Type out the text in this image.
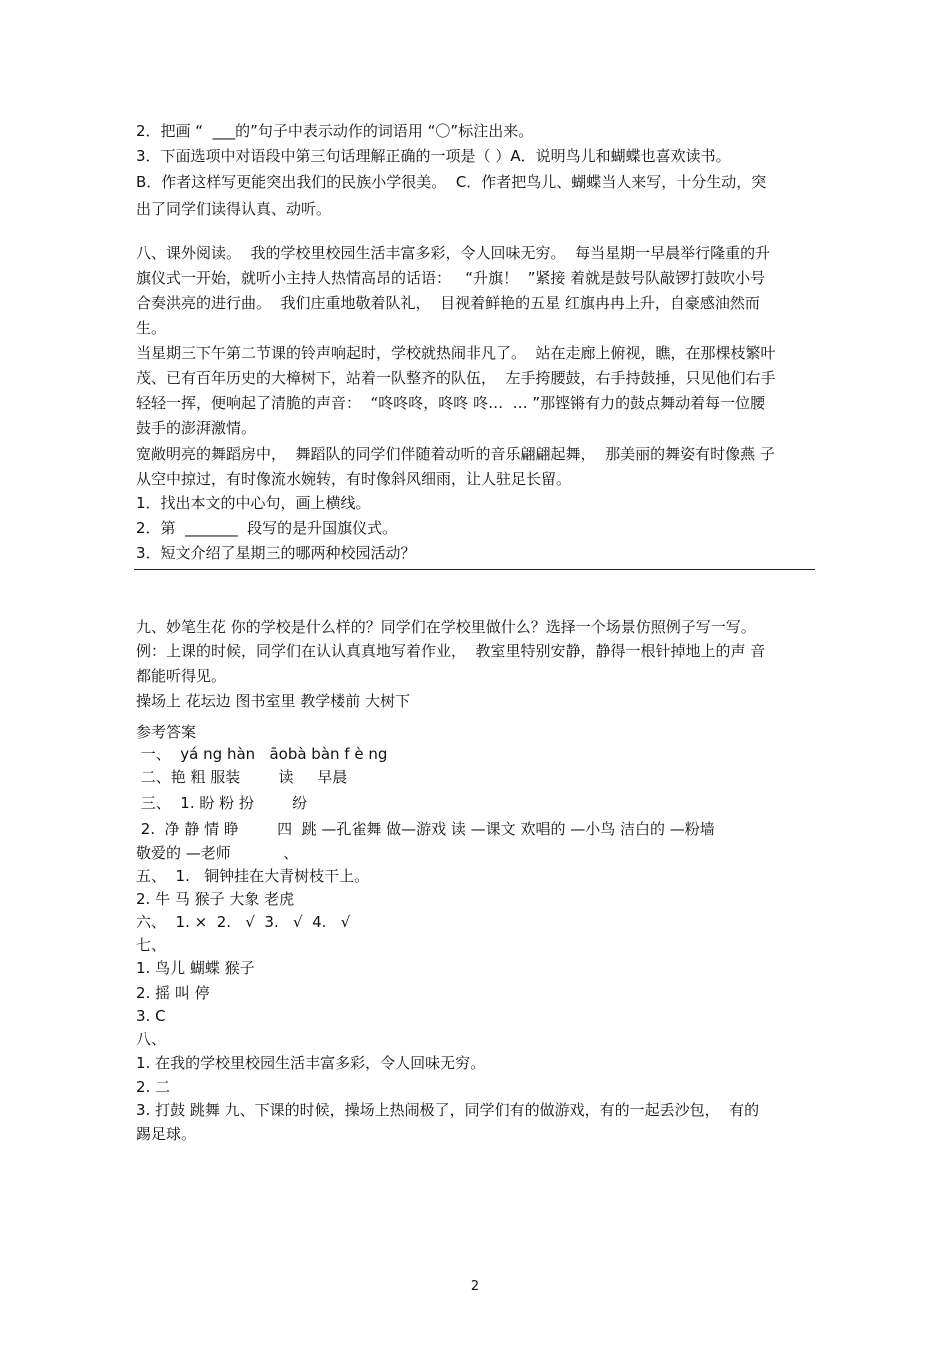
2．把画 “  ___的”句子中表示动作的词语用 “〇”标注出来。
3．下面选项中对语段中第三句话理解正确的一项是（ ）A．说明鸟儿和蝴蝶也喜欢读书。
B．作者这样写更能突出我们的民族小学很美。  C．作者把鸟儿、蝴蝶当人来写，十分生动，突
出了同学们读得认真、动听。
八、课外阅读。  我的学校里校园生活丰富多彩，令人回味无穷。  每当星期一早晨举行隆重的升
旗仪式一开始，就听小主持人热情高昂的话语：   “升旗！  ”紧接 着就是鼓号队敲锣打鼓吹小号
合奏洪亮的进行曲。  我们庄重地敬着队礼，  目视着鲜艳的五星 红旗冉冉上升，自豪感油然而
生。
当星期三下午第二节课的铃声响起时，学校就热闹非凡了。  站在走廊上俯视，瞧，在那棵枝繁叶
茂、已有百年历史的大樟树下，站着一队整齐的队伍，  左手挎腰鼓，右手持鼓捶，只见他们右手
轻轻一挥，便响起了清脆的声音：  “咚咚咚，咚咚 咚…  … ”那铿锵有力的鼓点舞动着每一位腰
鼓手的澎湃激情。
宽敞明亮的舞蹈房中，  舞蹈队的同学们伴随着动听的音乐翩翩起舞，  那美丽的舞姿有时像燕 子
从空中掠过，有时像流水婉转，有时像斜风细雨，让人驻足长留。
1．找出本文的中心句，画上横线。
2．第  _______  段写的是升国旗仪式。
3．短文介绍了星期三的哪两种校园活动？
九、妙笔生花 你的学校是什么样的？同学们在学校里做什么？选择一个场景仿照例子写一写。
例：上课的时候，同学们在认认真真地写着作业，  教室里特别安静，静得一根针掉地上的声 音
都能听得见。
操场上 花坛边 图书室里 教学楼前 大树下
参考答案
一、  yá ng hàn   āobà bàn f è ng
二、艳 粗 服装        读     早晨
三、  1. 盼 粉 扮        纷
2.  净 静 情 睁        四  跳 —孔雀舞 做—游戏 读 —课文 欢唱的 —小鸟 洁白的 —粉墙
敬爱的 —老师           、
五、  1.   铜钟挂在大青树枝干上。
2. 牛 马 猴子 大象 老虎
六、  1. ×  2.   √  3.   √  4.   √
七、
1. 鸟儿 蝴蝶 猴子
2. 摇 叫 停
3. C
八、
1. 在我的学校里校园生活丰富多彩，令人回味无穷。
2. 二
3. 打鼓 跳舞 九、下课的时候，操场上热闹极了，同学们有的做游戏，有的一起丢沙包，  有的
踢足球。
2
